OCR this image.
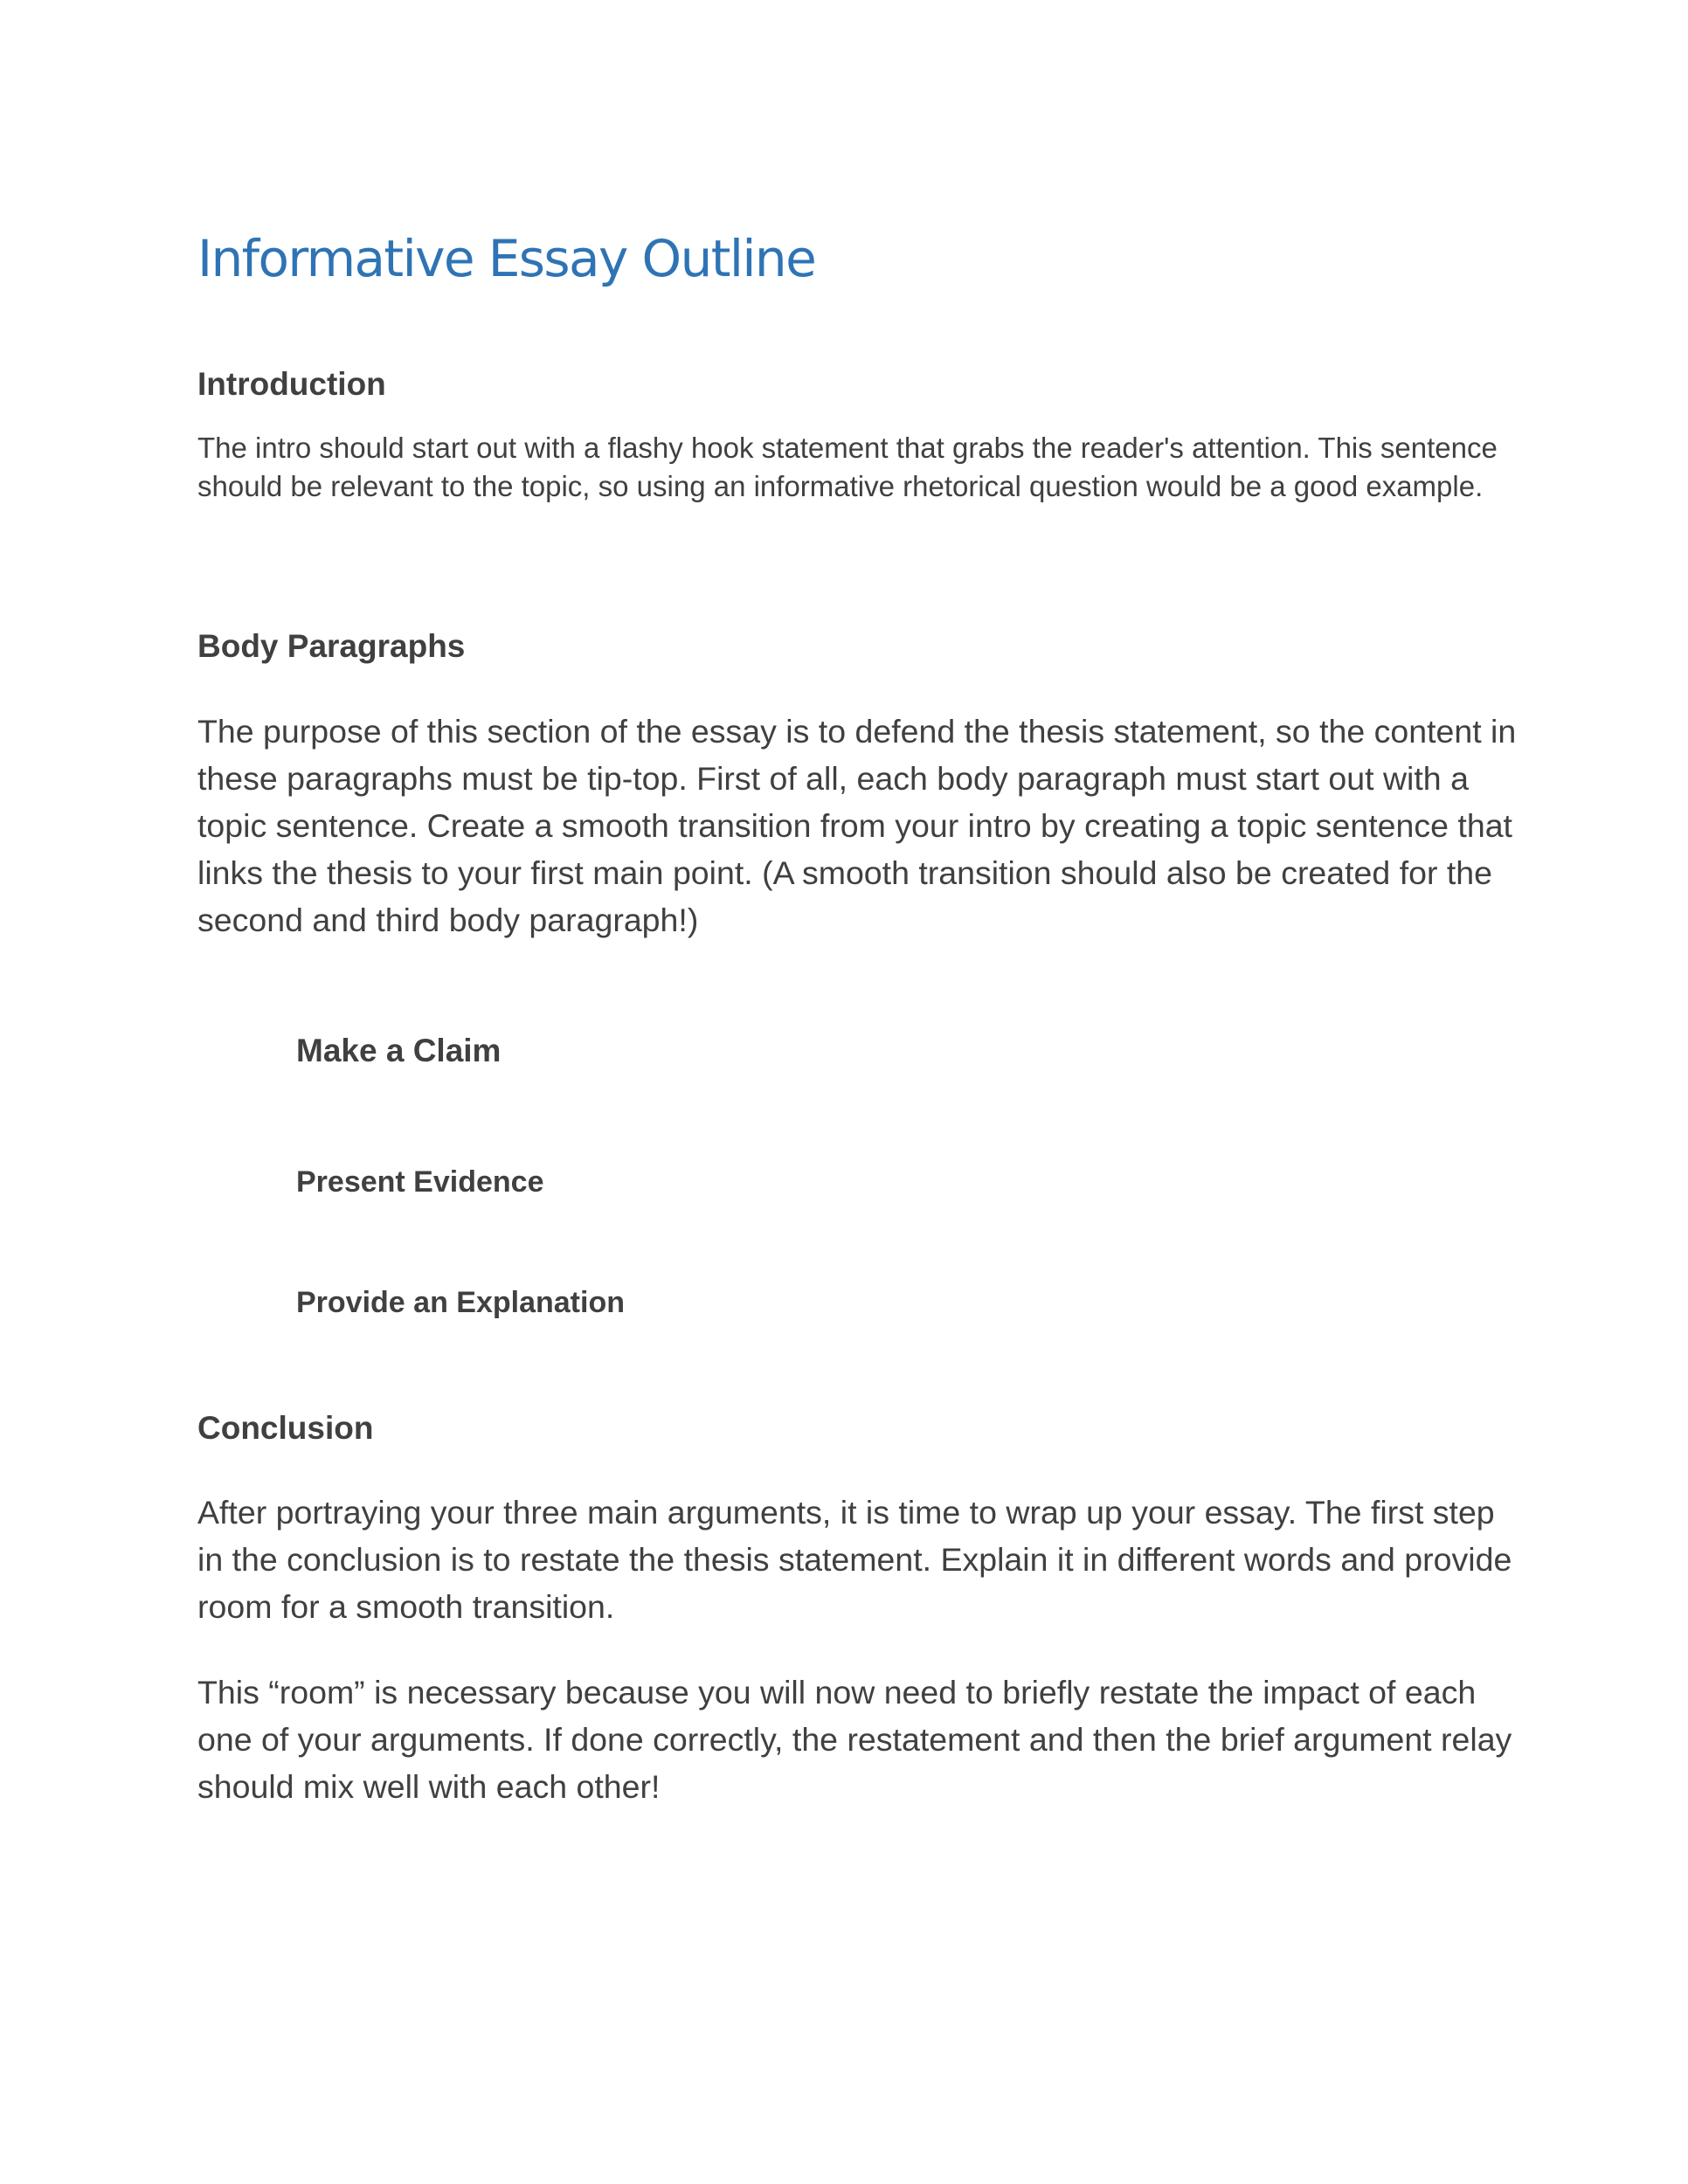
Informative Essay Outline
Introduction

The intro should start out with a flashy hook statement that grabs the reader's attention. This sentence should be relevant to the topic, so using an informative rhetorical question would be a good example.

Body Paragraphs

The purpose of this section of the essay is to defend the thesis statement, so the content in these paragraphs must be tip-top. First of all, each body paragraph must start out with a topic sentence. Create a smooth transition from your intro by creating a topic sentence that links the thesis to your first main point. (A smooth transition should also be created for the second and third body paragraph!)

Make a Claim
Present Evidence
Provide an Explanation
Conclusion

After portraying your three main arguments, it is time to wrap up your essay. The first step in the conclusion is to restate the thesis statement. Explain it in different words and provide room for a smooth transition.

This “room” is necessary because you will now need to briefly restate the impact of each one of your arguments. If done correctly, the restatement and then the brief argument relay should mix well with each other!
